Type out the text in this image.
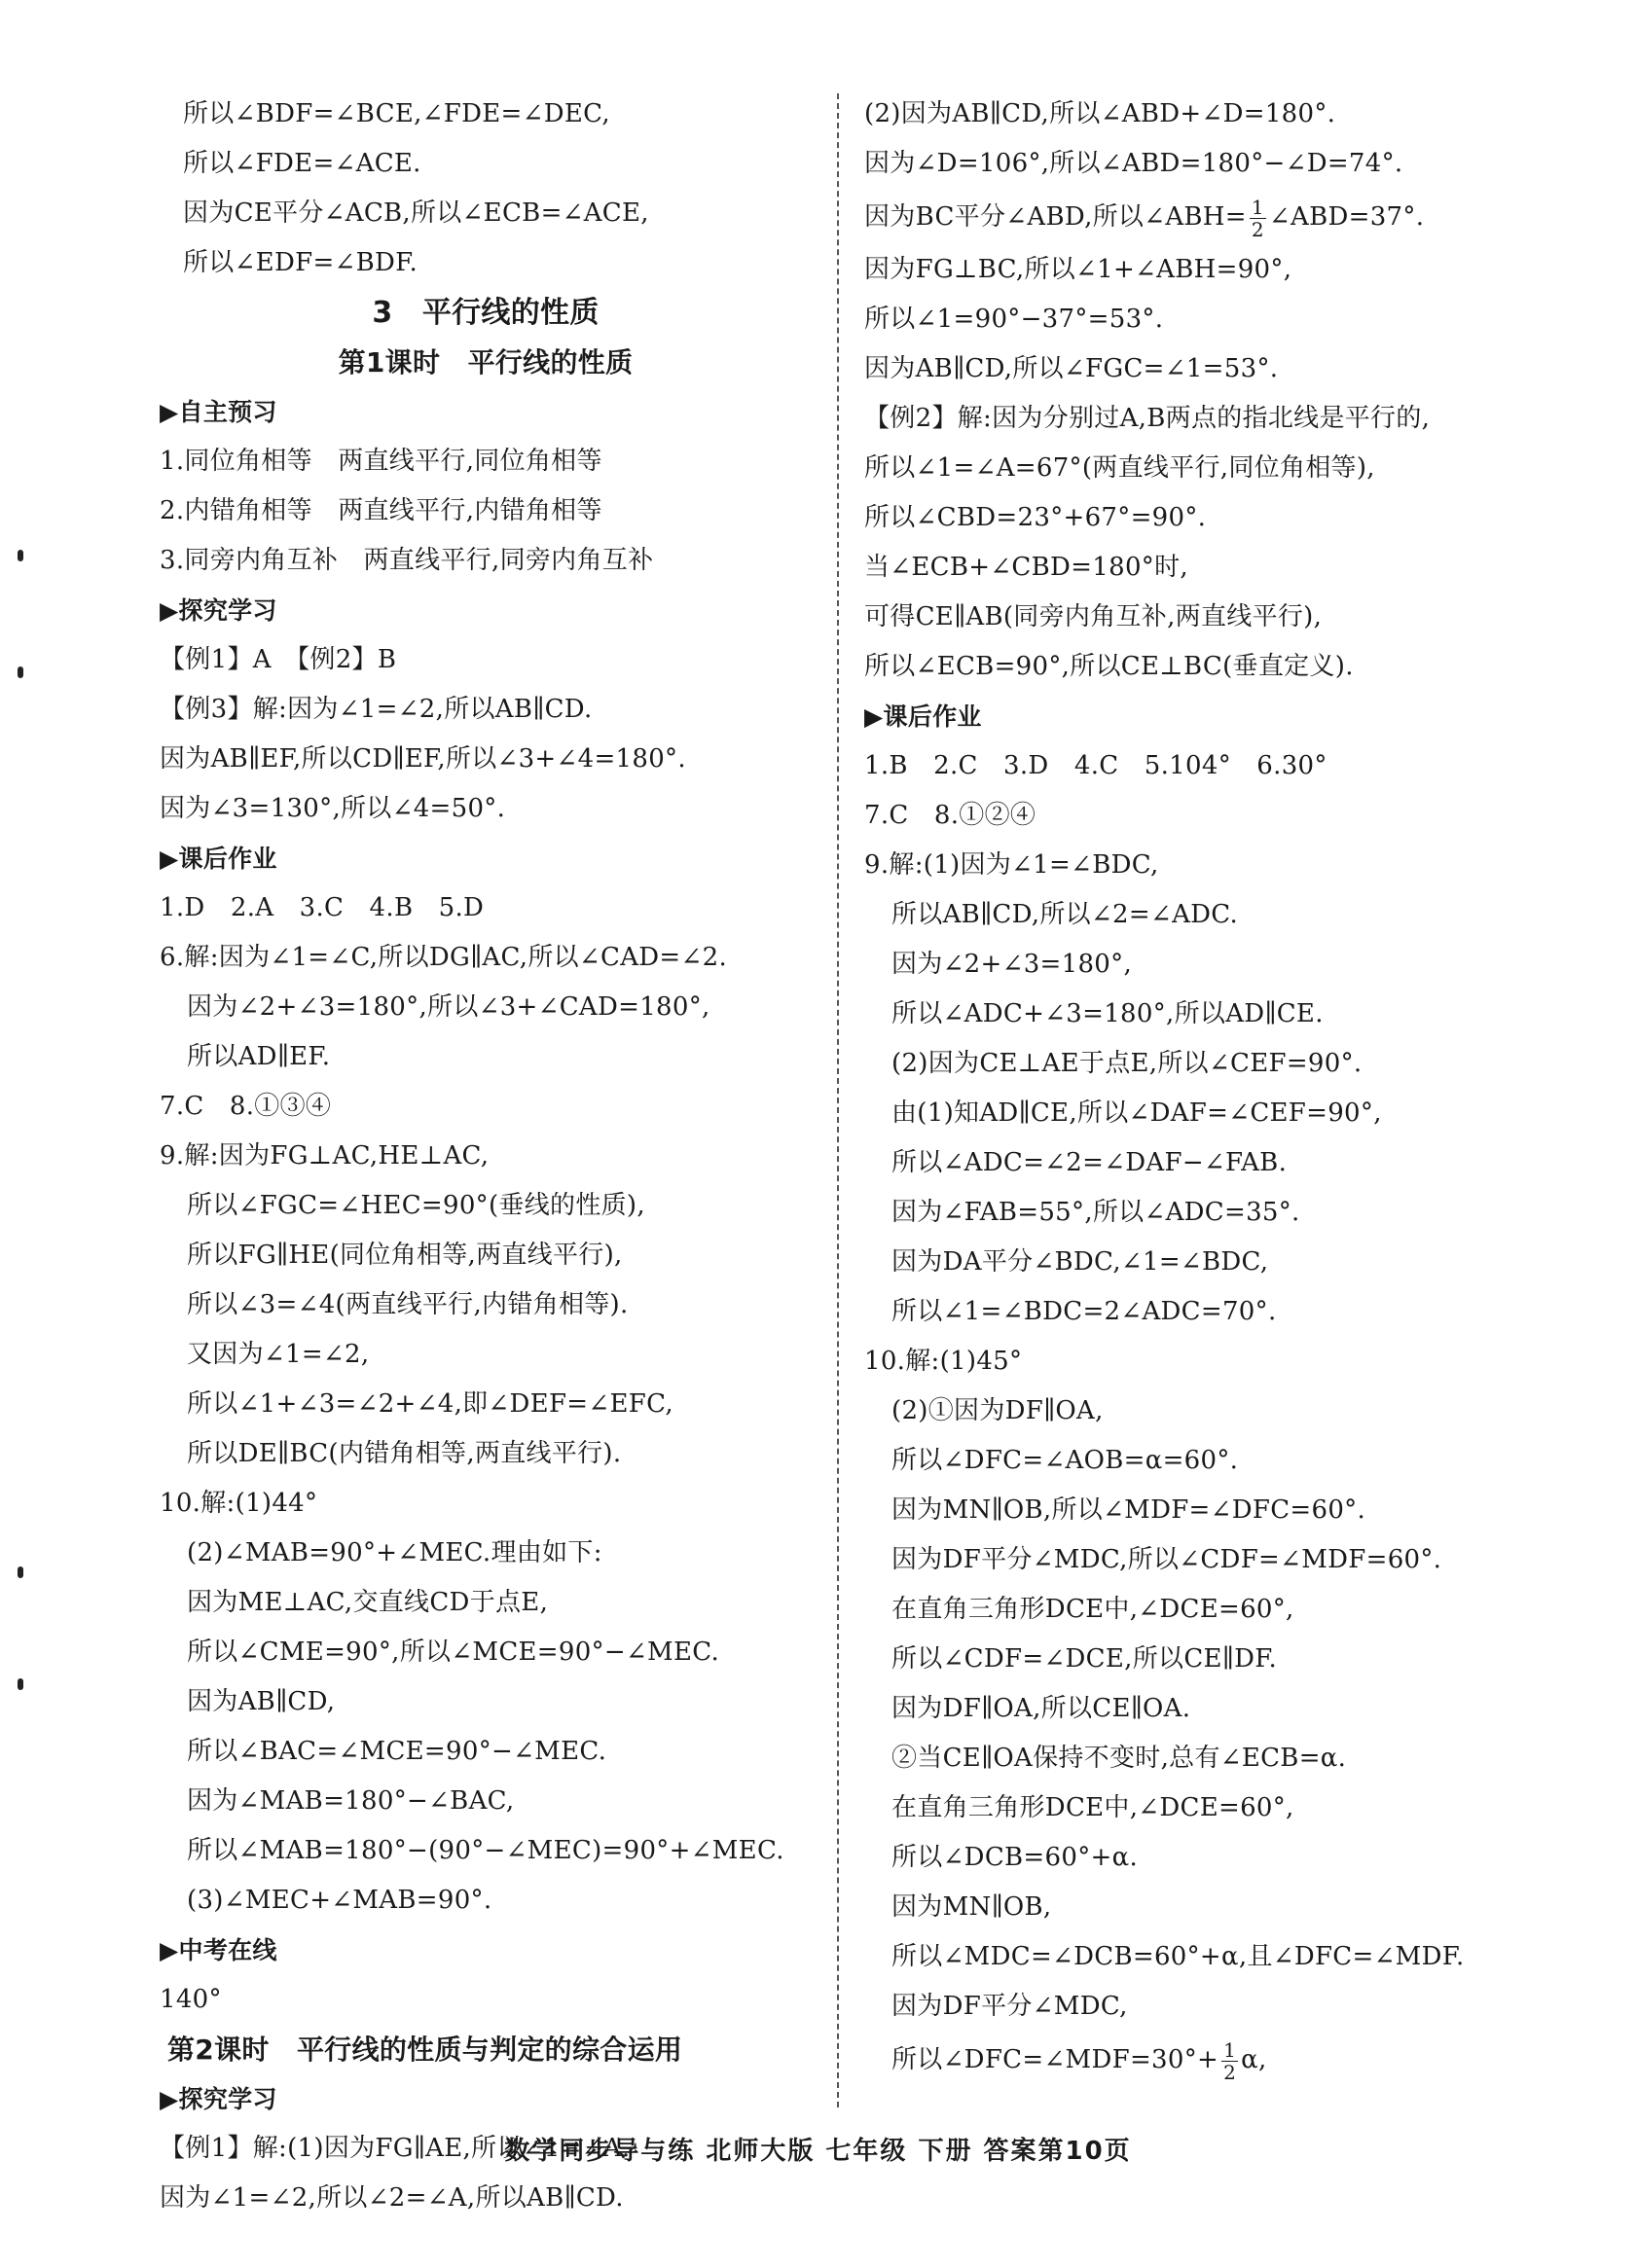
所以∠BDF=∠BCE,∠FDE=∠DEC,
所以∠FDE=∠ACE.
因为CE平分∠ACB,所以∠ECB=∠ACE,
所以∠EDF=∠BDF.
3　平行线的性质
第1课时　平行线的性质
▶自主预习
1.同位角相等　两直线平行,同位角相等
2.内错角相等　两直线平行,内错角相等
3.同旁内角互补　两直线平行,同旁内角互补
▶探究学习
【例1】A　【例2】B
【例3】解:因为∠1=∠2,所以AB∥CD.
因为AB∥EF,所以CD∥EF,所以∠3+∠4=180°.
因为∠3=130°,所以∠4=50°.
▶课后作业
1.D　2.A　3.C　4.B　5.D
6.解:因为∠1=∠C,所以DG∥AC,所以∠CAD=∠2.
因为∠2+∠3=180°,所以∠3+∠CAD=180°,
所以AD∥EF.
7.C　8.①③④
9.解:因为FG⊥AC,HE⊥AC,
所以∠FGC=∠HEC=90°(垂线的性质),
所以FG∥HE(同位角相等,两直线平行),
所以∠3=∠4(两直线平行,内错角相等).
又因为∠1=∠2,
所以∠1+∠3=∠2+∠4,即∠DEF=∠EFC,
所以DE∥BC(内错角相等,两直线平行).
10.解:(1)44°
(2)∠MAB=90°+∠MEC.理由如下:
因为ME⊥AC,交直线CD于点E,
所以∠CME=90°,所以∠MCE=90°−∠MEC.
因为AB∥CD,
所以∠BAC=∠MCE=90°−∠MEC.
因为∠MAB=180°−∠BAC,
所以∠MAB=180°−(90°−∠MEC)=90°+∠MEC.
(3)∠MEC+∠MAB=90°.
▶中考在线
140°
第2课时　平行线的性质与判定的综合运用
▶探究学习
【例1】解:(1)因为FG∥AE,所以∠1=∠A.
因为∠1=∠2,所以∠2=∠A,所以AB∥CD.
(2)因为AB∥CD,所以∠ABD+∠D=180°.
因为∠D=106°,所以∠ABD=180°−∠D=74°.
因为BC平分∠ABD,所以∠ABH= $\frac{1}{2}$ ∠ABD=37°.
因为FG⊥BC,所以∠1+∠ABH=90°,
所以∠1=90°−37°=53°.
因为AB∥CD,所以∠FGC=∠1=53°.
【例2】解:因为分别过A,B两点的指北线是平行的,
所以∠1=∠A=67°(两直线平行,同位角相等),
所以∠CBD=23°+67°=90°.
当∠ECB+∠CBD=180°时,
可得CE∥AB(同旁内角互补,两直线平行),
所以∠ECB=90°,所以CE⊥BC(垂直定义).
▶课后作业
1.B　2.C　3.D　4.C　5.104°　6.30°
7.C　8.①②④
9.解:(1)因为∠1=∠BDC,
所以AB∥CD,所以∠2=∠ADC.
因为∠2+∠3=180°,
所以∠ADC+∠3=180°,所以AD∥CE.
(2)因为CE⊥AE于点E,所以∠CEF=90°.
由(1)知AD∥CE,所以∠DAF=∠CEF=90°,
所以∠ADC=∠2=∠DAF−∠FAB.
因为∠FAB=55°,所以∠ADC=35°.
因为DA平分∠BDC,∠1=∠BDC,
所以∠1=∠BDC=2∠ADC=70°.
10.解:(1)45°
(2)①因为DF∥OA,
所以∠DFC=∠AOB=α=60°.
因为MN∥OB,所以∠MDF=∠DFC=60°.
因为DF平分∠MDC,所以∠CDF=∠MDF=60°.
在直角三角形DCE中,∠DCE=60°,
所以∠CDF=∠DCE,所以CE∥DF.
因为DF∥OA,所以CE∥OA.
②当CE∥OA保持不变时,总有∠ECB=α.
在直角三角形DCE中,∠DCE=60°,
所以∠DCB=60°+α.
因为MN∥OB,
所以∠MDC=∠DCB=60°+α,且∠DFC=∠MDF.
因为DF平分∠MDC,
所以∠DFC=∠MDF=30°+ $\frac{1}{2} \alpha$,
数学同步导与练 北师大版 七年级 下册 答案第10页
